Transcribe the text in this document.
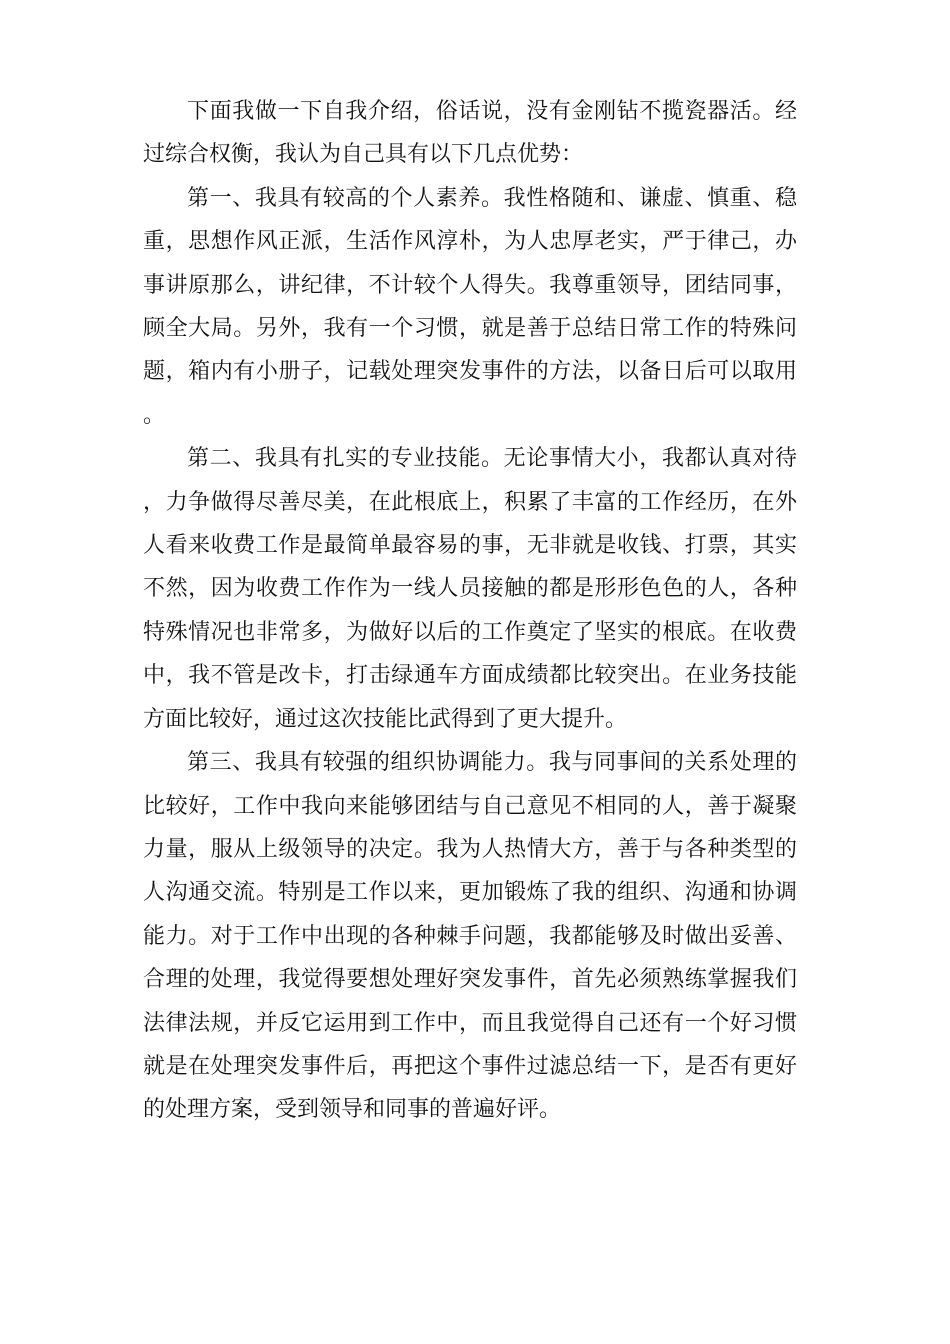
下面我做一下自我介绍，俗话说，没有金刚钻不揽瓷器活。经过综合权衡，我认为自己具有以下几点优势：

第一、我具有较高的个人素养。我性格随和、谦虚、慎重、稳重，思想作风正派，生活作风淳朴，为人忠厚老实，严于律己，办事讲原那么，讲纪律，不计较个人得失。我尊重领导，团结同事，顾全大局。另外，我有一个习惯，就是善于总结日常工作的特殊问题，箱内有小册子，记载处理突发事件的方法，以备日后可以取用。

第二、我具有扎实的专业技能。无论事情大小，我都认真对待，力争做得尽善尽美，在此根底上，积累了丰富的工作经历，在外人看来收费工作是最简单最容易的事，无非就是收钱、打票，其实不然，因为收费工作作为一线人员接触的都是形形色色的人，各种特殊情况也非常多，为做好以后的工作奠定了坚实的根底。在收费中，我不管是改卡，打击绿通车方面成绩都比较突出。在业务技能方面比较好，通过这次技能比武得到了更大提升。

第三、我具有较强的组织协调能力。我与同事间的关系处理的比较好，工作中我向来能够团结与自己意见不相同的人，善于凝聚力量，服从上级领导的决定。我为人热情大方，善于与各种类型的人沟通交流。特别是工作以来，更加锻炼了我的组织、沟通和协调能力。对于工作中出现的各种棘手问题，我都能够及时做出妥善、合理的处理，我觉得要想处理好突发事件，首先必须熟练掌握我们法律法规，并反它运用到工作中，而且我觉得自己还有一个好习惯就是在处理突发事件后，再把这个事件过滤总结一下，是否有更好的处理方案，受到领导和同事的普遍好评。
